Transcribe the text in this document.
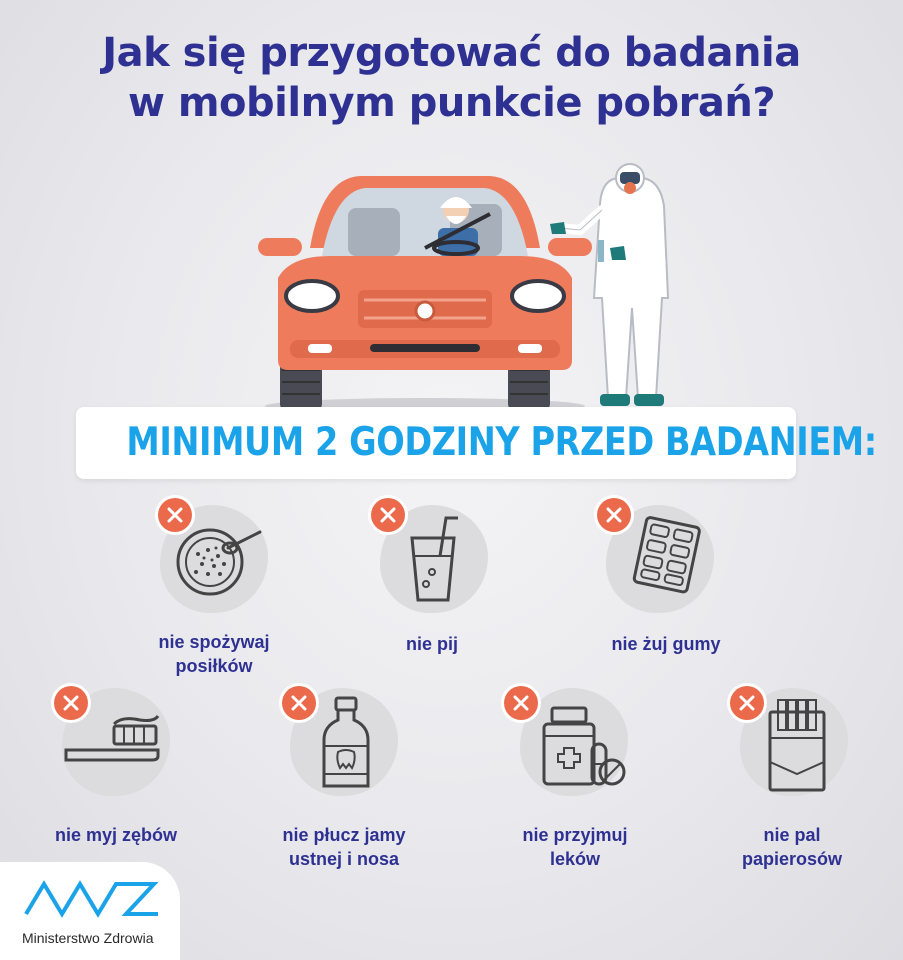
Jak się przygotować do badania
w mobilnym punkcie pobrań?
MINIMUM 2 GODZINY PRZED BADANIEM:
nie spożywaj
posiłków
nie pij	nie żuj gumy
nie myj zębów	nie płucz jamy
ustnej i nosa
nie przyjmuj
leków
nie pal
papierosów
Ministerstwo Zdrowia
